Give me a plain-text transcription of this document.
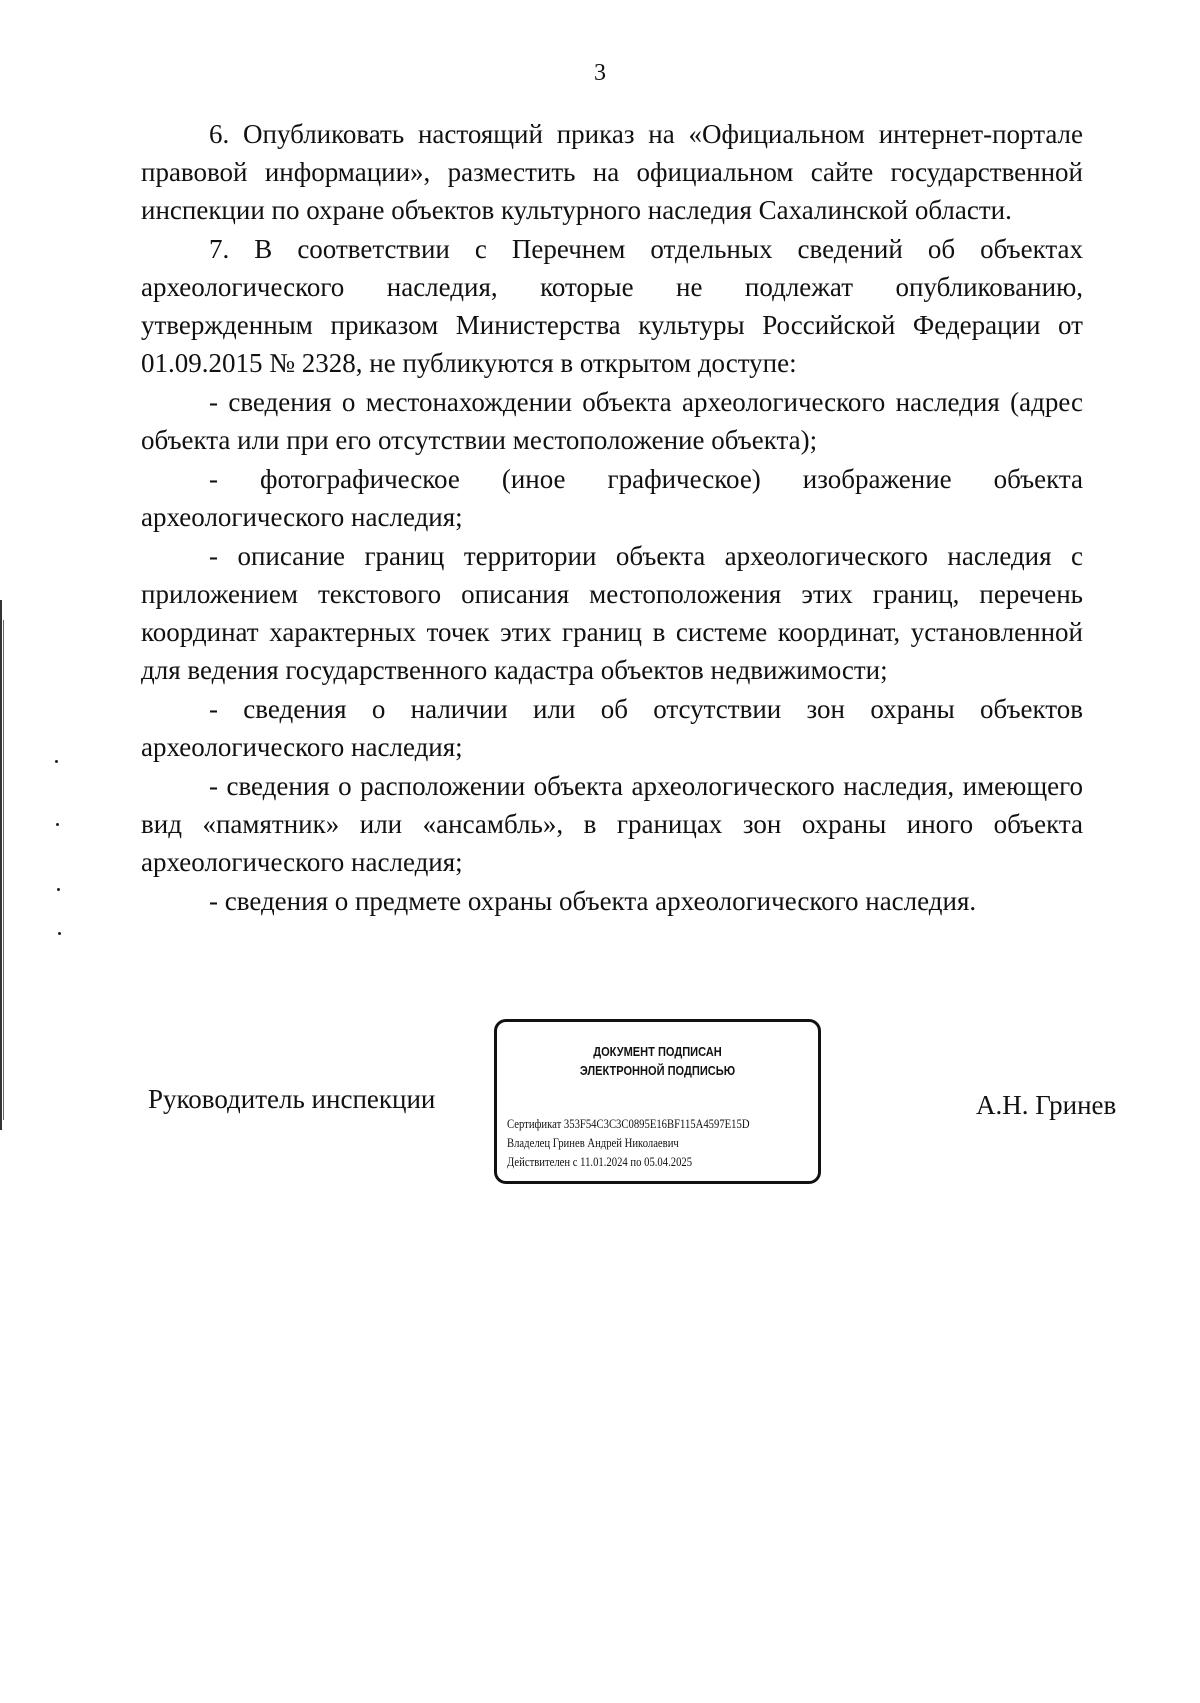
3

6. Опубликовать настоящий приказ на «Официальном интернет-портале правовой информации», разместить на официальном сайте государственной инспекции по охране объектов культурного наследия Сахалинской области.

7. В соответствии с Перечнем отдельных сведений об объектах археологического наследия, которые не подлежат опубликованию, утвержденным приказом Министерства культуры Российской Федерации от 01.09.2015 № 2328, не публикуются в открытом доступе:

- сведения о местонахождении объекта археологического наследия (адрес объекта или при его отсутствии местоположение объекта);

- фотографическое (иное графическое) изображение объекта археологического наследия;

- описание границ территории объекта археологического наследия с приложением текстового описания местоположения этих границ, перечень координат характерных точек этих границ в системе координат, установленной для ведения государственного кадастра объектов недвижимости;

- сведения о наличии или об отсутствии зон охраны объектов археологического наследия;

- сведения о расположении объекта археологического наследия, имеющего вид «памятник» или «ансамбль», в границах зон охраны иного объекта археологического наследия;

- сведения о предмете охраны объекта археологического наследия.

Руководитель инспекции
ДОКУМЕНТ ПОДПИСАН
ЭЛЕКТРОННОЙ ПОДПИСЬЮ
Сертификат 353F54C3C3C0895E16BF115A4597E15D
Владелец Гринев Андрей Николаевич
Действителен с 11.01.2024 по 05.04.2025
А.Н. Гринев
